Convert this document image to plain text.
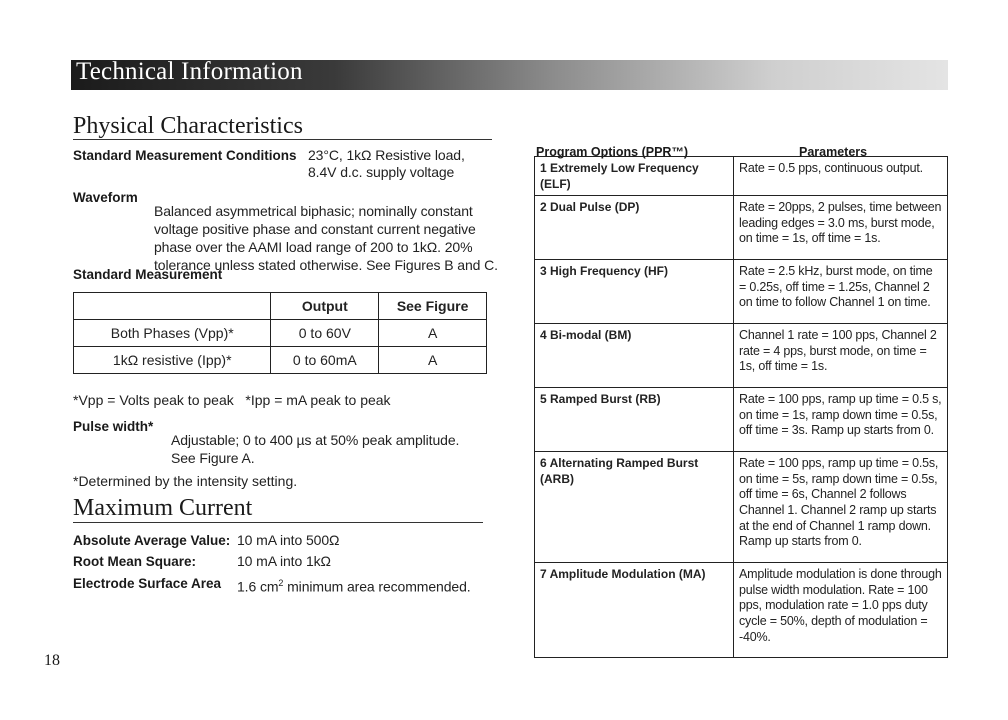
Technical Information
Physical Characteristics

Standard Measurement Conditions 23°C, 1kΩ Resistive load,

8.4V d.c. supply voltage

Waveform

Balanced asymmetrical biphasic; nominally constant

voltage positive phase and constant current negative

phase over the AAMI load range of 200 to 1kΩ. 20%

tolerance unless stated otherwise. See Figures B and C.

Standard Measurement

	Output	See Figure
Both Phases (Vpp)*	0 to 60V	A
1kΩ resistive (Ipp)*	0 to 60mA	A

*Vpp = Volts peak to peak   *Ipp = mA peak to peak

Pulse width*

Adjustable; 0 to 400 µs at 50% peak amplitude.

See Figure A.

*Determined by the intensity setting.

Maximum Current

Absolute Average Value: 10 mA into 500Ω

Root Mean Square:	10 mA into 1kΩ

Electrode Surface Area 1.6 $cm^2$ minimum area recommended.

Program Options (PPR™)	Parameters

1 Extremely Low Frequency (ELF)	Rate = 0.5 pps, continuous output.
2 Dual Pulse (DP)	Rate = 20pps, 2 pulses, time between leading edges = 3.0 ms, burst mode, on time = 1s, off time = 1s.
3 High Frequency (HF)	Rate = 2.5 kHz, burst mode, on time = 0.25s, off time = 1.25s, Channel 2 on time to follow Channel 1 on time.
4 Bi-modal (BM)	Channel 1 rate = 100 pps, Channel 2 rate = 4 pps, burst mode, on time = 1s, off time = 1s.
5 Ramped Burst (RB)	Rate = 100 pps, ramp up time = 0.5 s, on time = 1s, ramp down time = 0.5s, off time = 3s. Ramp up starts from 0.
6 Alternating Ramped Burst (ARB)	Rate = 100 pps, ramp up time = 0.5s, on time = 5s, ramp down time = 0.5s, off time = 6s, Channel 2 follows Channel 1. Channel 2 ramp up starts at the end of Channel 1 ramp down. Ramp up starts from 0.
7 Amplitude Modulation (MA)	Amplitude modulation is done through pulse width modulation. Rate = 100 pps, modulation rate = 1.0 pps duty cycle = 50%, depth of modulation = -40%.

18
